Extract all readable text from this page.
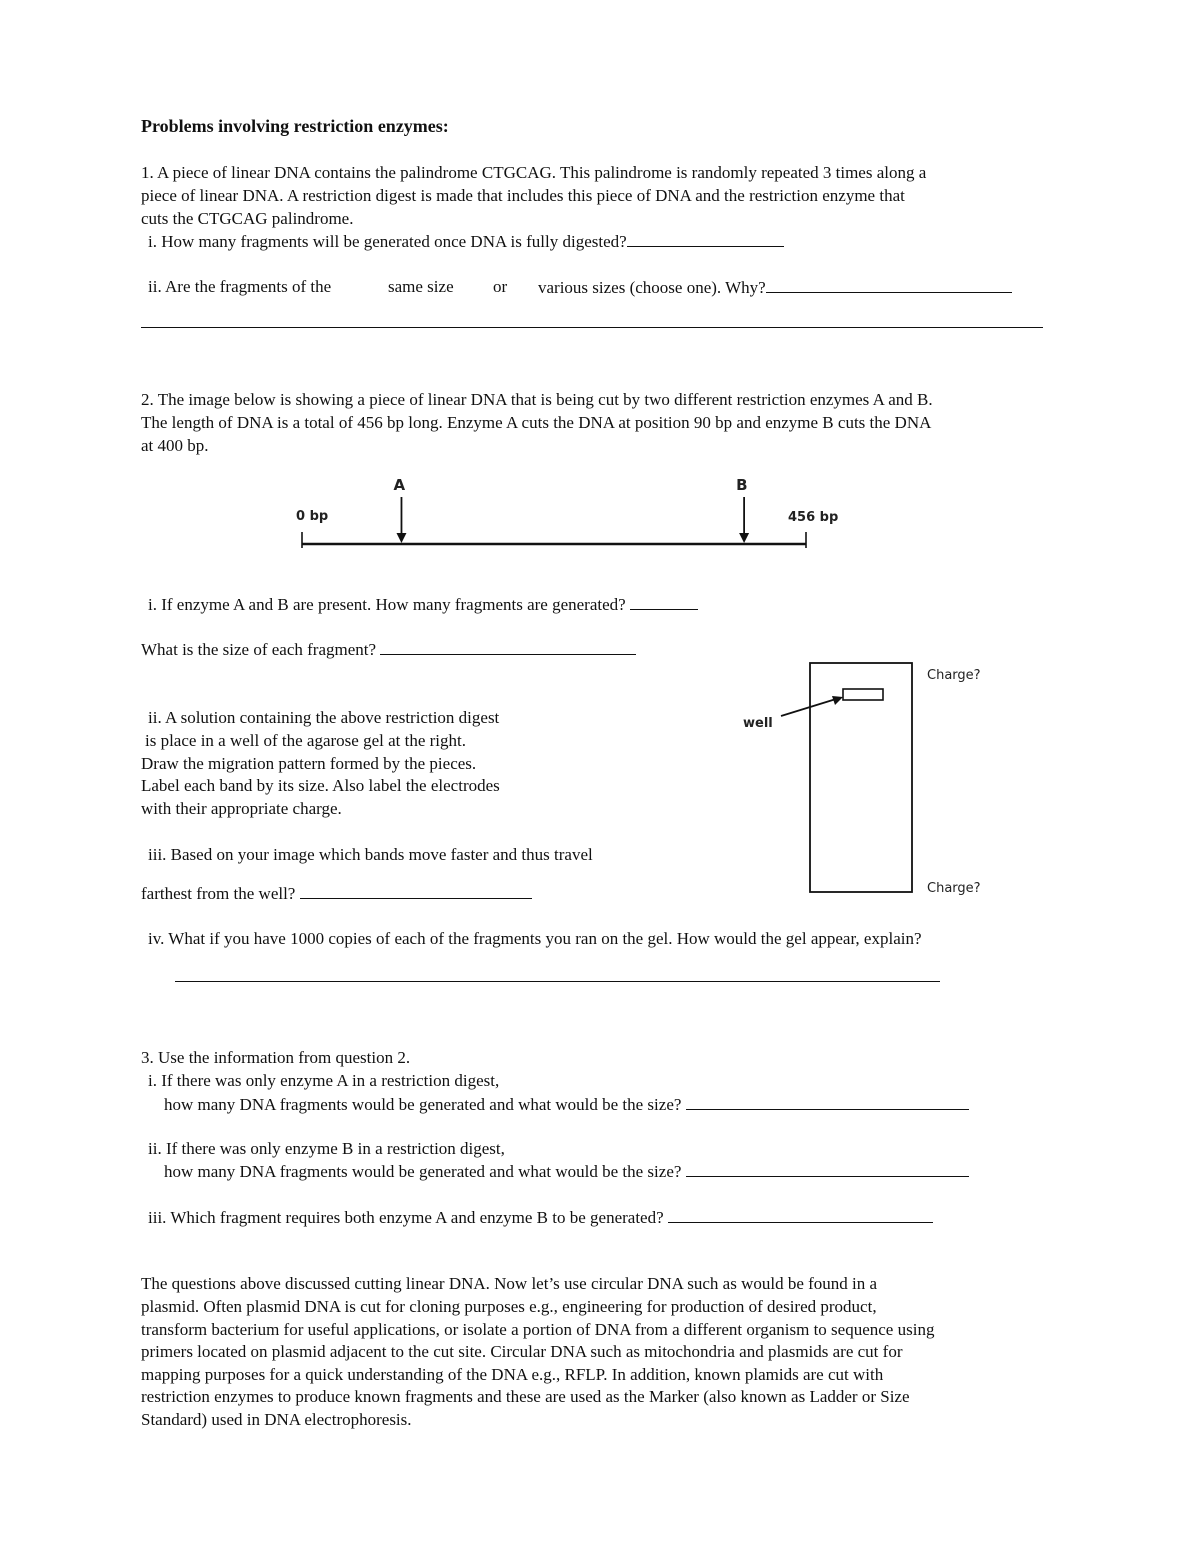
Problems involving restriction enzymes:
1. A piece of linear DNA contains the palindrome CTGCAG. This palindrome is randomly repeated 3 times along a
piece of linear DNA. A restriction digest is made that includes this piece of DNA and the restriction enzyme that
cuts the CTGCAG palindrome.
i. How many fragments will be generated once DNA is fully digested?
ii. Are the fragments of the	same size or various sizes (choose one). Why?
2. The image below is showing a piece of linear DNA that is being cut by two different restriction enzymes A and B.
The length of DNA is a total of 456 bp long. Enzyme A cuts the DNA at position 90 bp and enzyme B cuts the DNA
at 400 bp.
0 bp	456 bp
A	B
i. If enzyme A and B are present. How many fragments are generated?
What is the size of each fragment?
ii. A solution containing the above restriction digest
is place in a well of the agarose gel at the right.
Draw the migration pattern formed by the pieces.
Label each band by its size. Also label the electrodes
with their appropriate charge.
iii. Based on your image which bands move faster and thus travel
farthest from the well?
well
Charge?
Charge?
iv. What if you have 1000 copies of each of the fragments you ran on the gel. How would the gel appear, explain?
3. Use the information from question 2.
i. If there was only enzyme A in a restriction digest,
how many DNA fragments would be generated and what would be the size?
ii. If there was only enzyme B in a restriction digest,
how many DNA fragments would be generated and what would be the size?
iii. Which fragment requires both enzyme A and enzyme B to be generated?
The questions above discussed cutting linear DNA. Now let’s use circular DNA such as would be found in a
plasmid. Often plasmid DNA is cut for cloning purposes e.g., engineering for production of desired product,
transform bacterium for useful applications, or isolate a portion of DNA from a different organism to sequence using
primers located on plasmid adjacent to the cut site. Circular DNA such as mitochondria and plasmids are cut for
mapping purposes for a quick understanding of the DNA e.g., RFLP. In addition, known plamids are cut with
restriction enzymes to produce known fragments and these are used as the Marker (also known as Ladder or Size
Standard) used in DNA electrophoresis.
